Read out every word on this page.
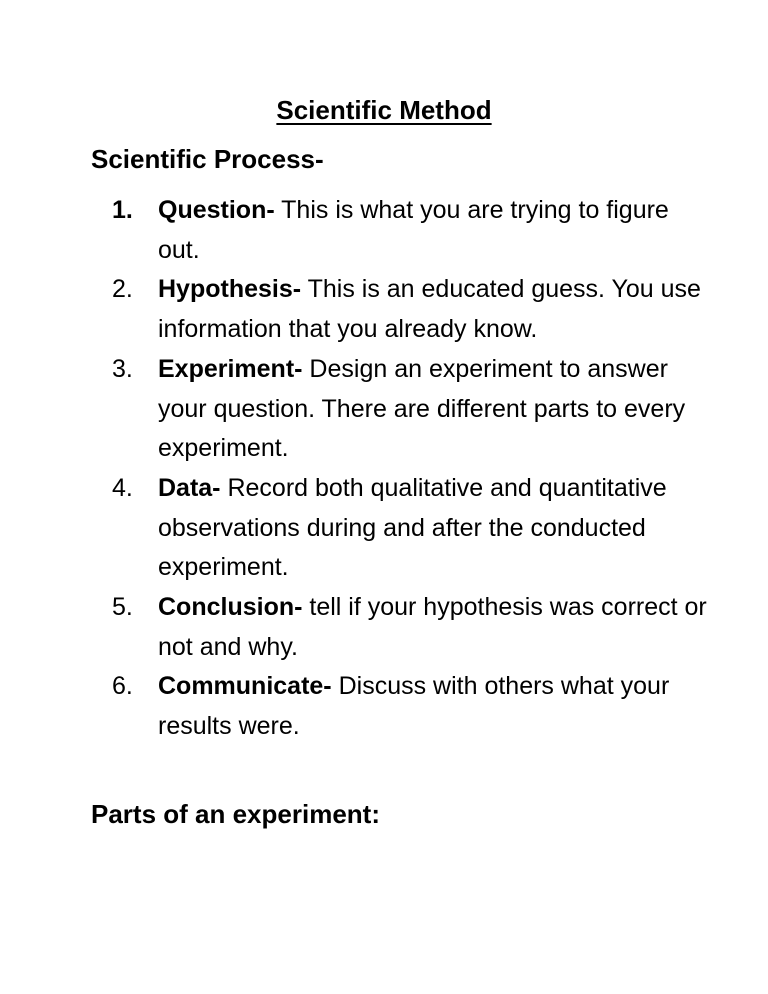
Scientific Method
Scientific Process-
1.	Question- This is what you are trying to figure out.
2.	Hypothesis- This is an educated guess. You use information that you already know.
3.	Experiment- Design an experiment to answer your question. There are different parts to every experiment.
4.	Data- Record both qualitative and quantitative observations during and after the conducted experiment.
5.	Conclusion- tell if your hypothesis was correct or not and why.
6.	Communicate- Discuss with others what your results were.
Parts of an experiment:
